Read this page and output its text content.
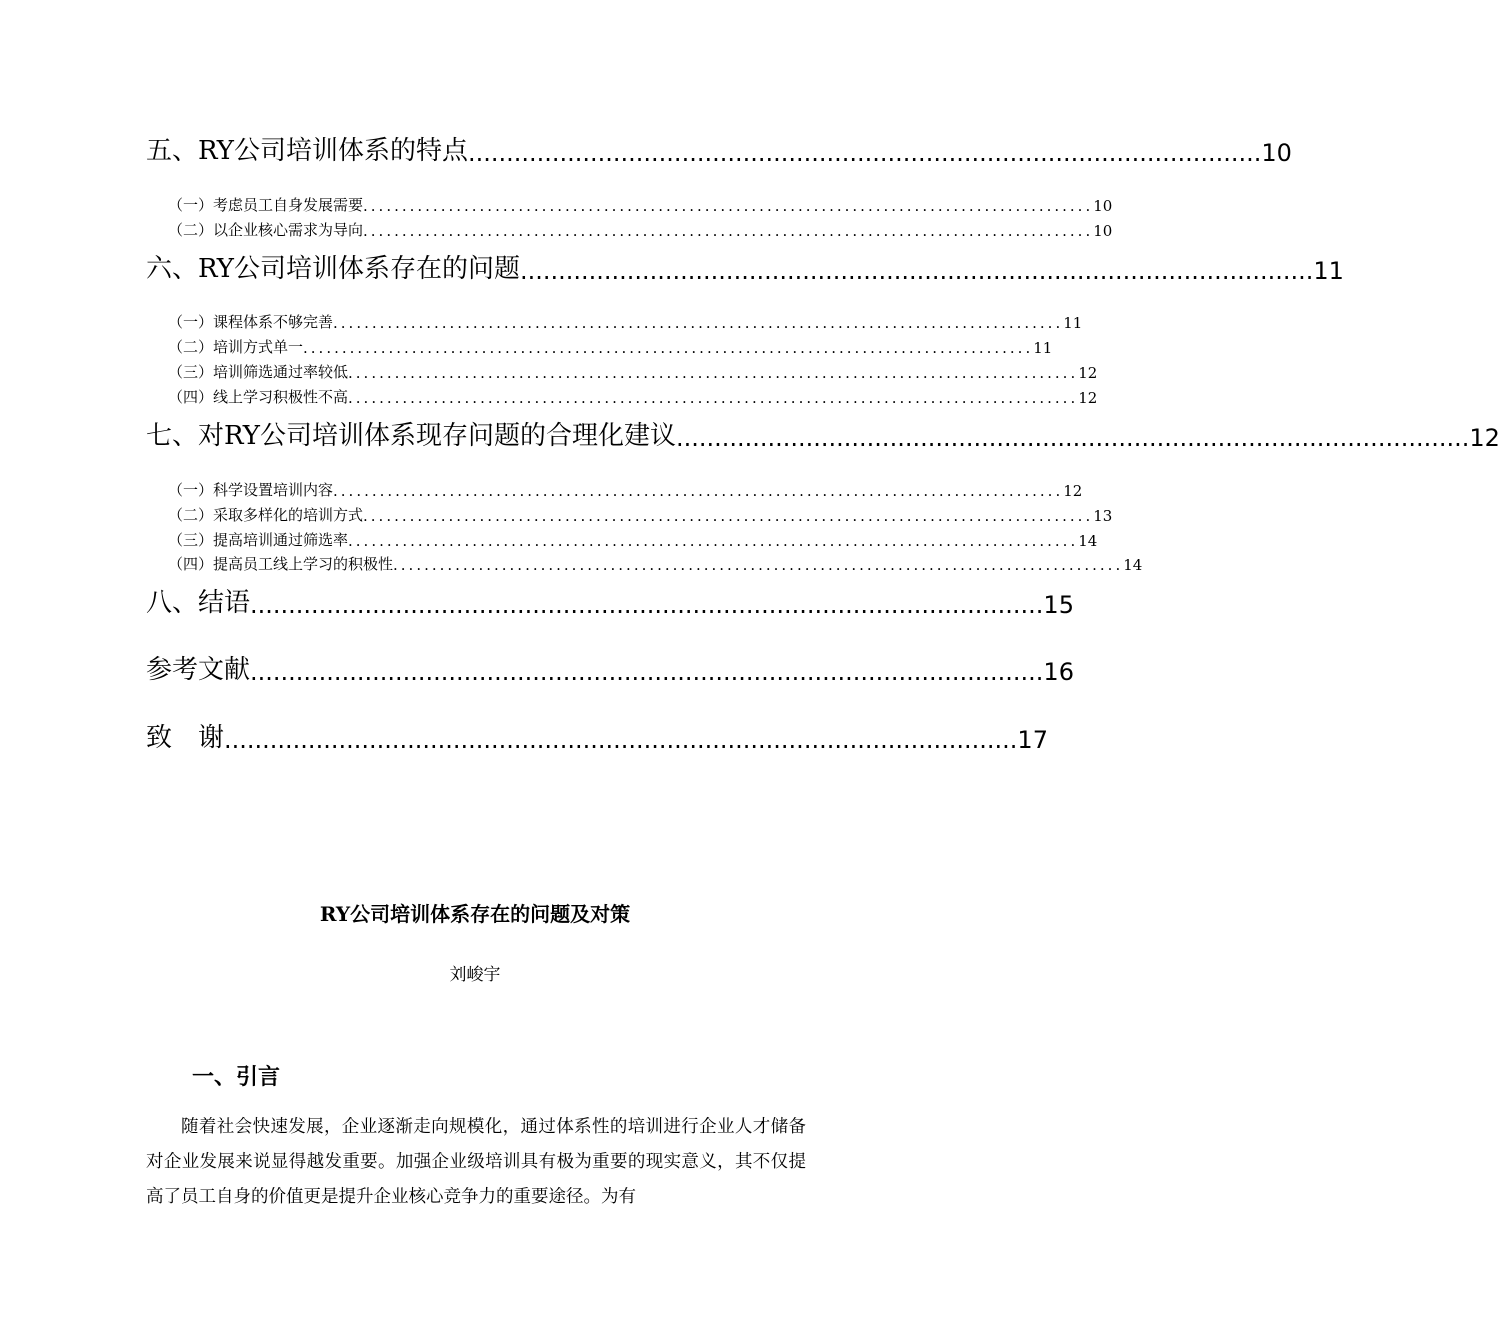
五、RY公司培训体系的特点 ........................................................................................................ 10
（一）考虑员工自身发展需要 .............................................................................................. 10
（二）以企业核心需求为导向 .............................................................................................. 10
六、RY公司培训体系存在的问题 ........................................................................................................ 11
（一）课程体系不够完善 .............................................................................................. 11
（二）培训方式单一 .............................................................................................. 11
（三）培训筛选通过率较低 .............................................................................................. 12
（四）线上学习积极性不高 .............................................................................................. 12
七、对RY公司培训体系现存问题的合理化建议 ........................................................................................................ 12
（一）科学设置培训内容 .............................................................................................. 12
（二）采取多样化的培训方式 .............................................................................................. 13
（三）提高培训通过筛选率 .............................................................................................. 14
（四）提高员工线上学习的积极性 .............................................................................................. 14
八、结语 ........................................................................................................ 15
参考文献 ........................................................................................................ 16
致　谢 ........................................................................................................ 17
RY公司培训体系存在的问题及对策
刘峻宇
一、引言
随着社会快速发展，企业逐渐走向规模化，通过体系性的培训进行企业人才储备对企业发展来说显得越发重要。加强企业级培训具有极为重要的现实意义，其不仅提高了员工自身的价值更是提升企业核心竞争力的重要途径。为有
